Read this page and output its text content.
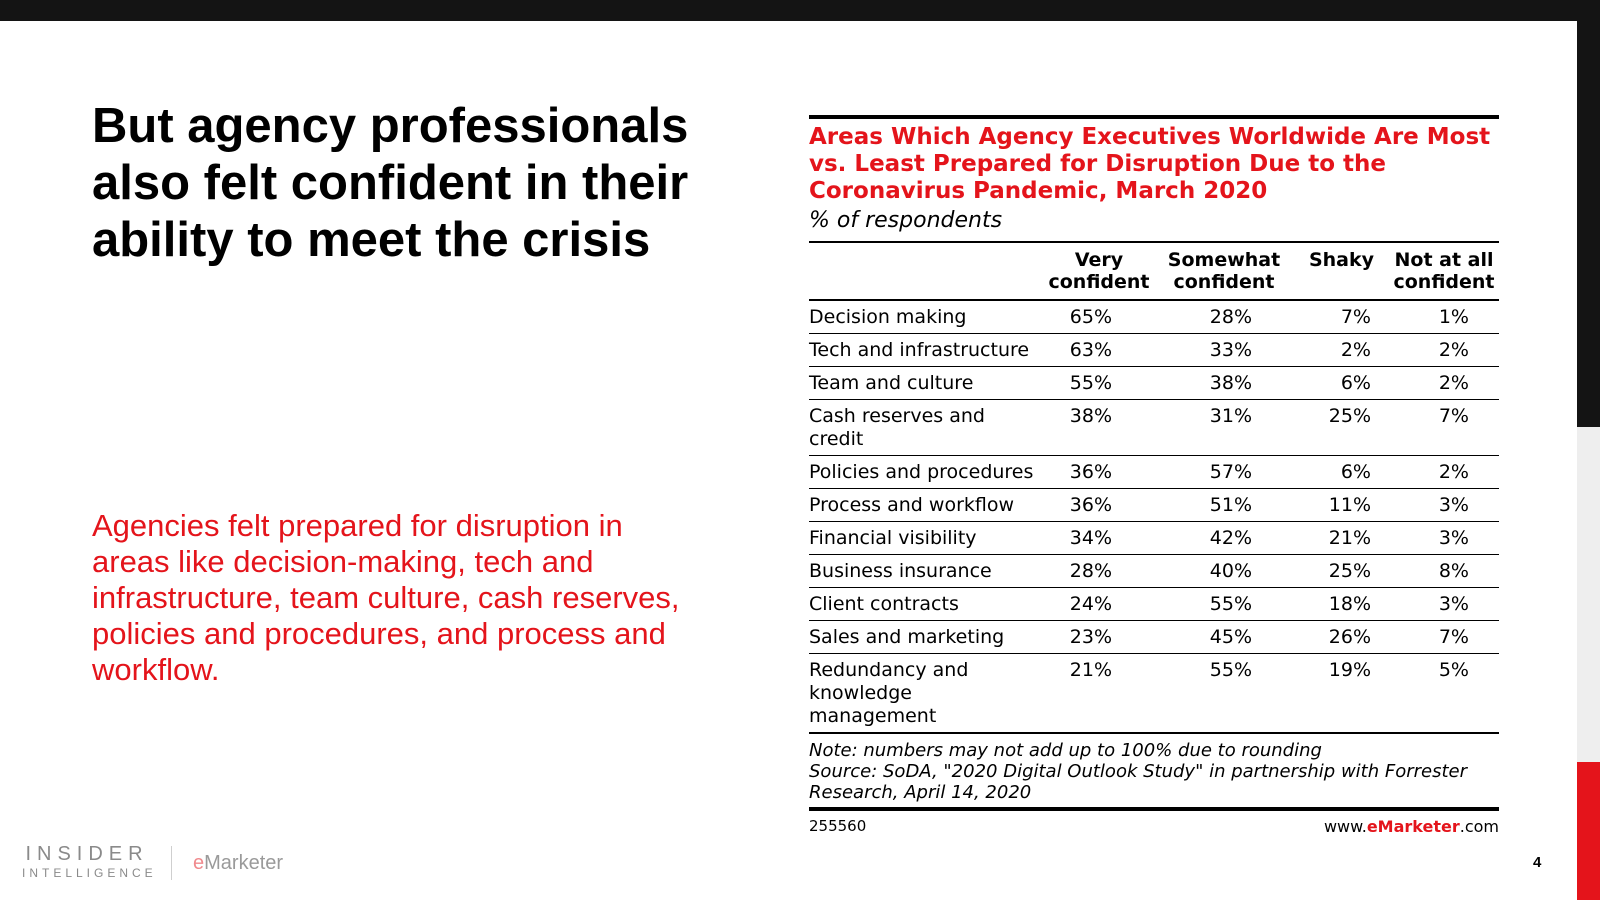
But agency professionals also felt confident in their ability to meet the crisis

Agencies felt prepared for disruption in areas like decision-making, tech and infrastructure, team culture, cash reserves, policies and procedures, and process and workflow.

Areas Which Agency Executives Worldwide Are Most vs. Least Prepared for Disruption Due to the Coronavirus Pandemic, March 2020
% of respondents
	Very confident	Somewhat confident	Shaky	Not at all confident
Decision making	65%	28%	7%	1%
Tech and infrastructure	63%	33%	2%	2%
Team and culture	55%	38%	6%	2%
Cash reserves and credit	38%	31%	25%	7%
Policies and procedures	36%	57%	6%	2%
Process and workflow	36%	51%	11%	3%
Financial visibility	34%	42%	21%	3%
Business insurance	28%	40%	25%	8%
Client contracts	24%	55%	18%	3%
Sales and marketing	23%	45%	26%	7%
Redundancy and knowledge management	21%	55%	19%	5%
Note: numbers may not add up to 100% due to rounding
Source: SoDA, "2020 Digital Outlook Study" in partnership with Forrester Research, April 14, 2020
255560	www.eMarketer.com
INSIDER
INTELLIGENCE eMarketer	4
